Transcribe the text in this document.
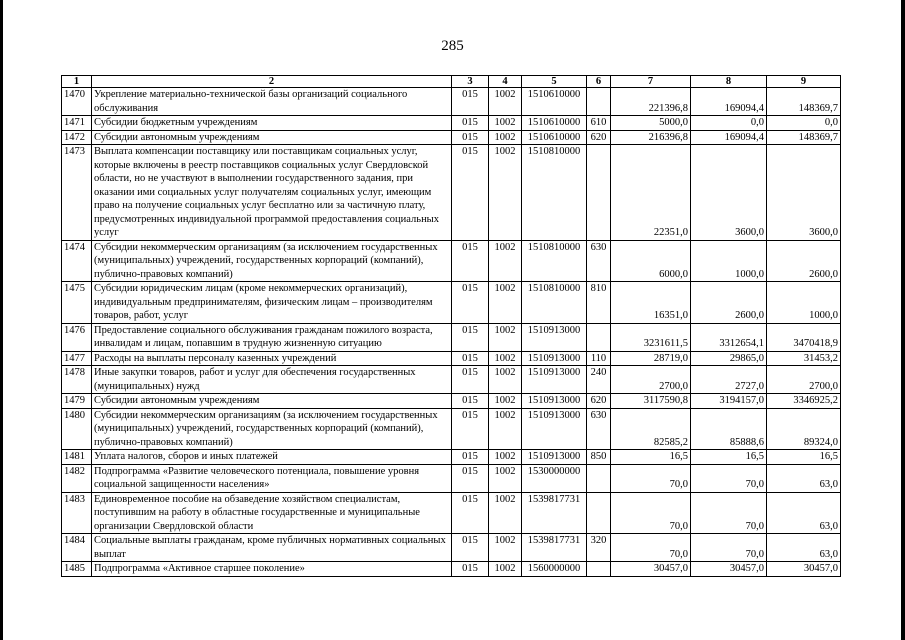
285
1	2	3	4	5	6	7	8	9
1470	Укрепление материально-технической базы организаций социального обслуживания	015	1002	1510610000		221396,8	169094,4	148369,7
1471	Субсидии бюджетным учреждениям	015	1002	1510610000	610	5000,0	0,0	0,0
1472	Субсидии автономным учреждениям	015	1002	1510610000	620	216396,8	169094,4	148369,7
1473	Выплата компенсации поставщику или поставщикам социальных услуг, которые включены в реестр поставщиков социальных услуг Свердловской области, но не участвуют в выполнении государственного задания, при оказании ими социальных услуг получателям социальных услуг, имеющим право на получение социальных услуг бесплатно или за частичную плату, предусмотренных индивидуальной программой предоставления социальных услуг	015	1002	1510810000		22351,0	3600,0	3600,0
1474	Субсидии некоммерческим организациям (за исключением государственных (муниципальных) учреждений, государственных корпораций (компаний), публично-правовых компаний)	015	1002	1510810000	630	6000,0	1000,0	2600,0
1475	Субсидии юридическим лицам (кроме некоммерческих организаций), индивидуальным предпринимателям, физическим лицам – производителям товаров, работ, услуг	015	1002	1510810000	810	16351,0	2600,0	1000,0
1476	Предоставление социального обслуживания гражданам пожилого возраста, инвалидам и лицам, попавшим в трудную жизненную ситуацию	015	1002	1510913000		3231611,5	3312654,1	3470418,9
1477	Расходы на выплаты персоналу казенных учреждений	015	1002	1510913000	110	28719,0	29865,0	31453,2
1478	Иные закупки товаров, работ и услуг для обеспечения государственных (муниципальных) нужд	015	1002	1510913000	240	2700,0	2727,0	2700,0
1479	Субсидии автономным учреждениям	015	1002	1510913000	620	3117590,8	3194157,0	3346925,2
1480	Субсидии некоммерческим организациям (за исключением государственных (муниципальных) учреждений, государственных корпораций (компаний), публично-правовых компаний)	015	1002	1510913000	630	82585,2	85888,6	89324,0
1481	Уплата налогов, сборов и иных платежей	015	1002	1510913000	850	16,5	16,5	16,5
1482	Подпрограмма «Развитие человеческого потенциала, повышение уровня социальной защищенности населения»	015	1002	1530000000		70,0	70,0	63,0
1483	Единовременное пособие на обзаведение хозяйством специалистам, поступившим на работу в областные государственные и муниципальные организации Свердловской области	015	1002	1539817731		70,0	70,0	63,0
1484	Социальные выплаты гражданам, кроме публичных нормативных социальных выплат	015	1002	1539817731	320	70,0	70,0	63,0
1485	Подпрограмма «Активное старшее поколение»	015	1002	1560000000		30457,0	30457,0	30457,0
